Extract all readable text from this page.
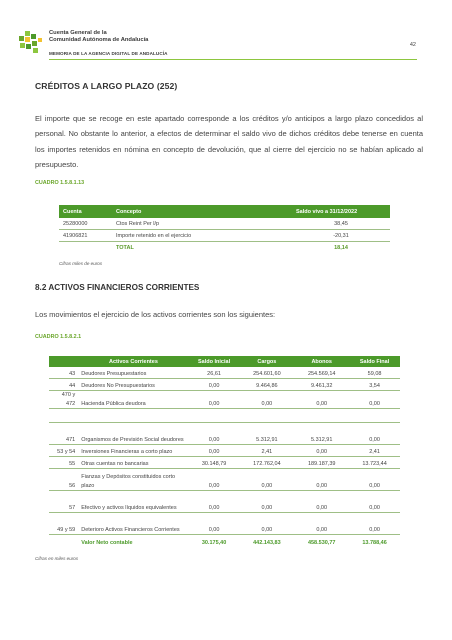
Cuenta General de la
Comunidad Autónoma de Andalucía
MEMORIA DE LA AGENCIA DIGITAL DE ANDALUCÍA
42
CRÉDITOS A LARGO PLAZO (252)
El importe que se recoge en este apartado corresponde a los créditos y/o anticipos a largo plazo concedidos al personal. No obstante lo anterior, a efectos de determinar el saldo vivo de dichos créditos debe tenerse en cuenta los importes retenidos en nómina en concepto de devolución, que al cierre del ejercicio no se habían aplicado al presupuesto.
CUADRO 1.5.8.1.13
Cuenta	Concepto	Saldo vivo a 31/12/2022
25280000	Ctos Reint Per l/p	38,45
41906821	Importe retenido en el ejercicio	-20,31
	TOTAL	18,14
Cifras miles de euros
8.2 ACTIVOS FINANCIEROS CORRIENTES
Los movimientos el ejercicio de los activos corrientes son los siguientes:
CUADRO 1.5.8.2.1
	Activos Corrientes	Saldo Inicial	Cargos	Abonos	Saldo Final
43	Deudores Presupuestarios	26,61	254.601,60	254.569,14	59,08
44	Deudores No Presupuestarios	0,00	9.464,86	9.461,32	3,54
470 y 472	Hacienda Pública deudora	0,00	0,00	0,00	0,00

471	Organismos de Previsión Social deudores	0,00	5.312,91	5.312,91	0,00
53 y 54	Inversiones Financieras a corto plazo	0,00	2,41	0,00	2,41
55	Otras cuentas no bancarias	30.148,79	172.762,04	189.187,39	13.723,44
56	Fianzas y Depósitos constituidos corto plazo	0,00	0,00	0,00	0,00
57	Efectivo y activos líquidos equivalentes	0,00	0,00	0,00	0,00
49 y 59	Deterioro Activos Financieros Corrientes	0,00	0,00	0,00	0,00
	Valor Neto contable	30.175,40	442.143,83	458.530,77	13.788,46
Cifras en miles euros
